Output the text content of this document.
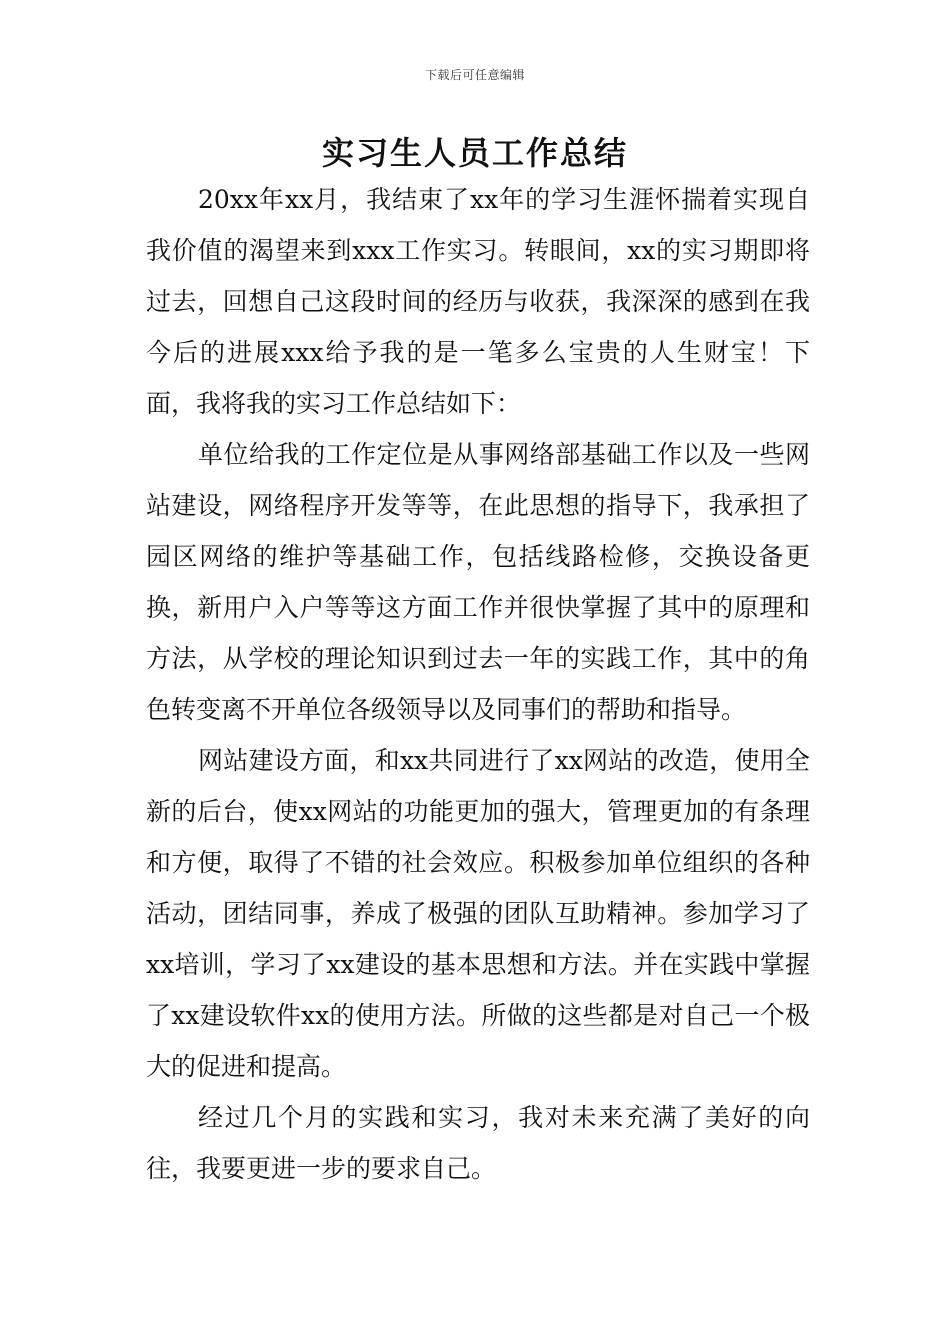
下载后可任意编辑
实习生人员工作总结

20xx年xx月，我结束了xx年的学习生涯怀揣着实现自我价值的渴望来到xxx工作实习。转眼间，xx的实习期即将过去，回想自己这段时间的经历与收获，我深深的感到在我今后的进展xxx给予我的是一笔多么宝贵的人生财宝！下面，我将我的实习工作总结如下：

单位给我的工作定位是从事网络部基础工作以及一些网站建设，网络程序开发等等，在此思想的指导下，我承担了园区网络的维护等基础工作，包括线路检修，交换设备更换，新用户入户等等这方面工作并很快掌握了其中的原理和方法，从学校的理论知识到过去一年的实践工作，其中的角色转变离不开单位各级领导以及同事们的帮助和指导。

网站建设方面，和xx共同进行了xx网站的改造，使用全新的后台，使xx网站的功能更加的强大，管理更加的有条理和方便，取得了不错的社会效应。积极参加单位组织的各种活动，团结同事，养成了极强的团队互助精神。参加学习了xx培训，学习了xx建设的基本思想和方法。并在实践中掌握了xx建设软件xx的使用方法。所做的这些都是对自己一个极大的促进和提高。

经过几个月的实践和实习，我对未来充满了美好的向往，我要更进一步的要求自己。
